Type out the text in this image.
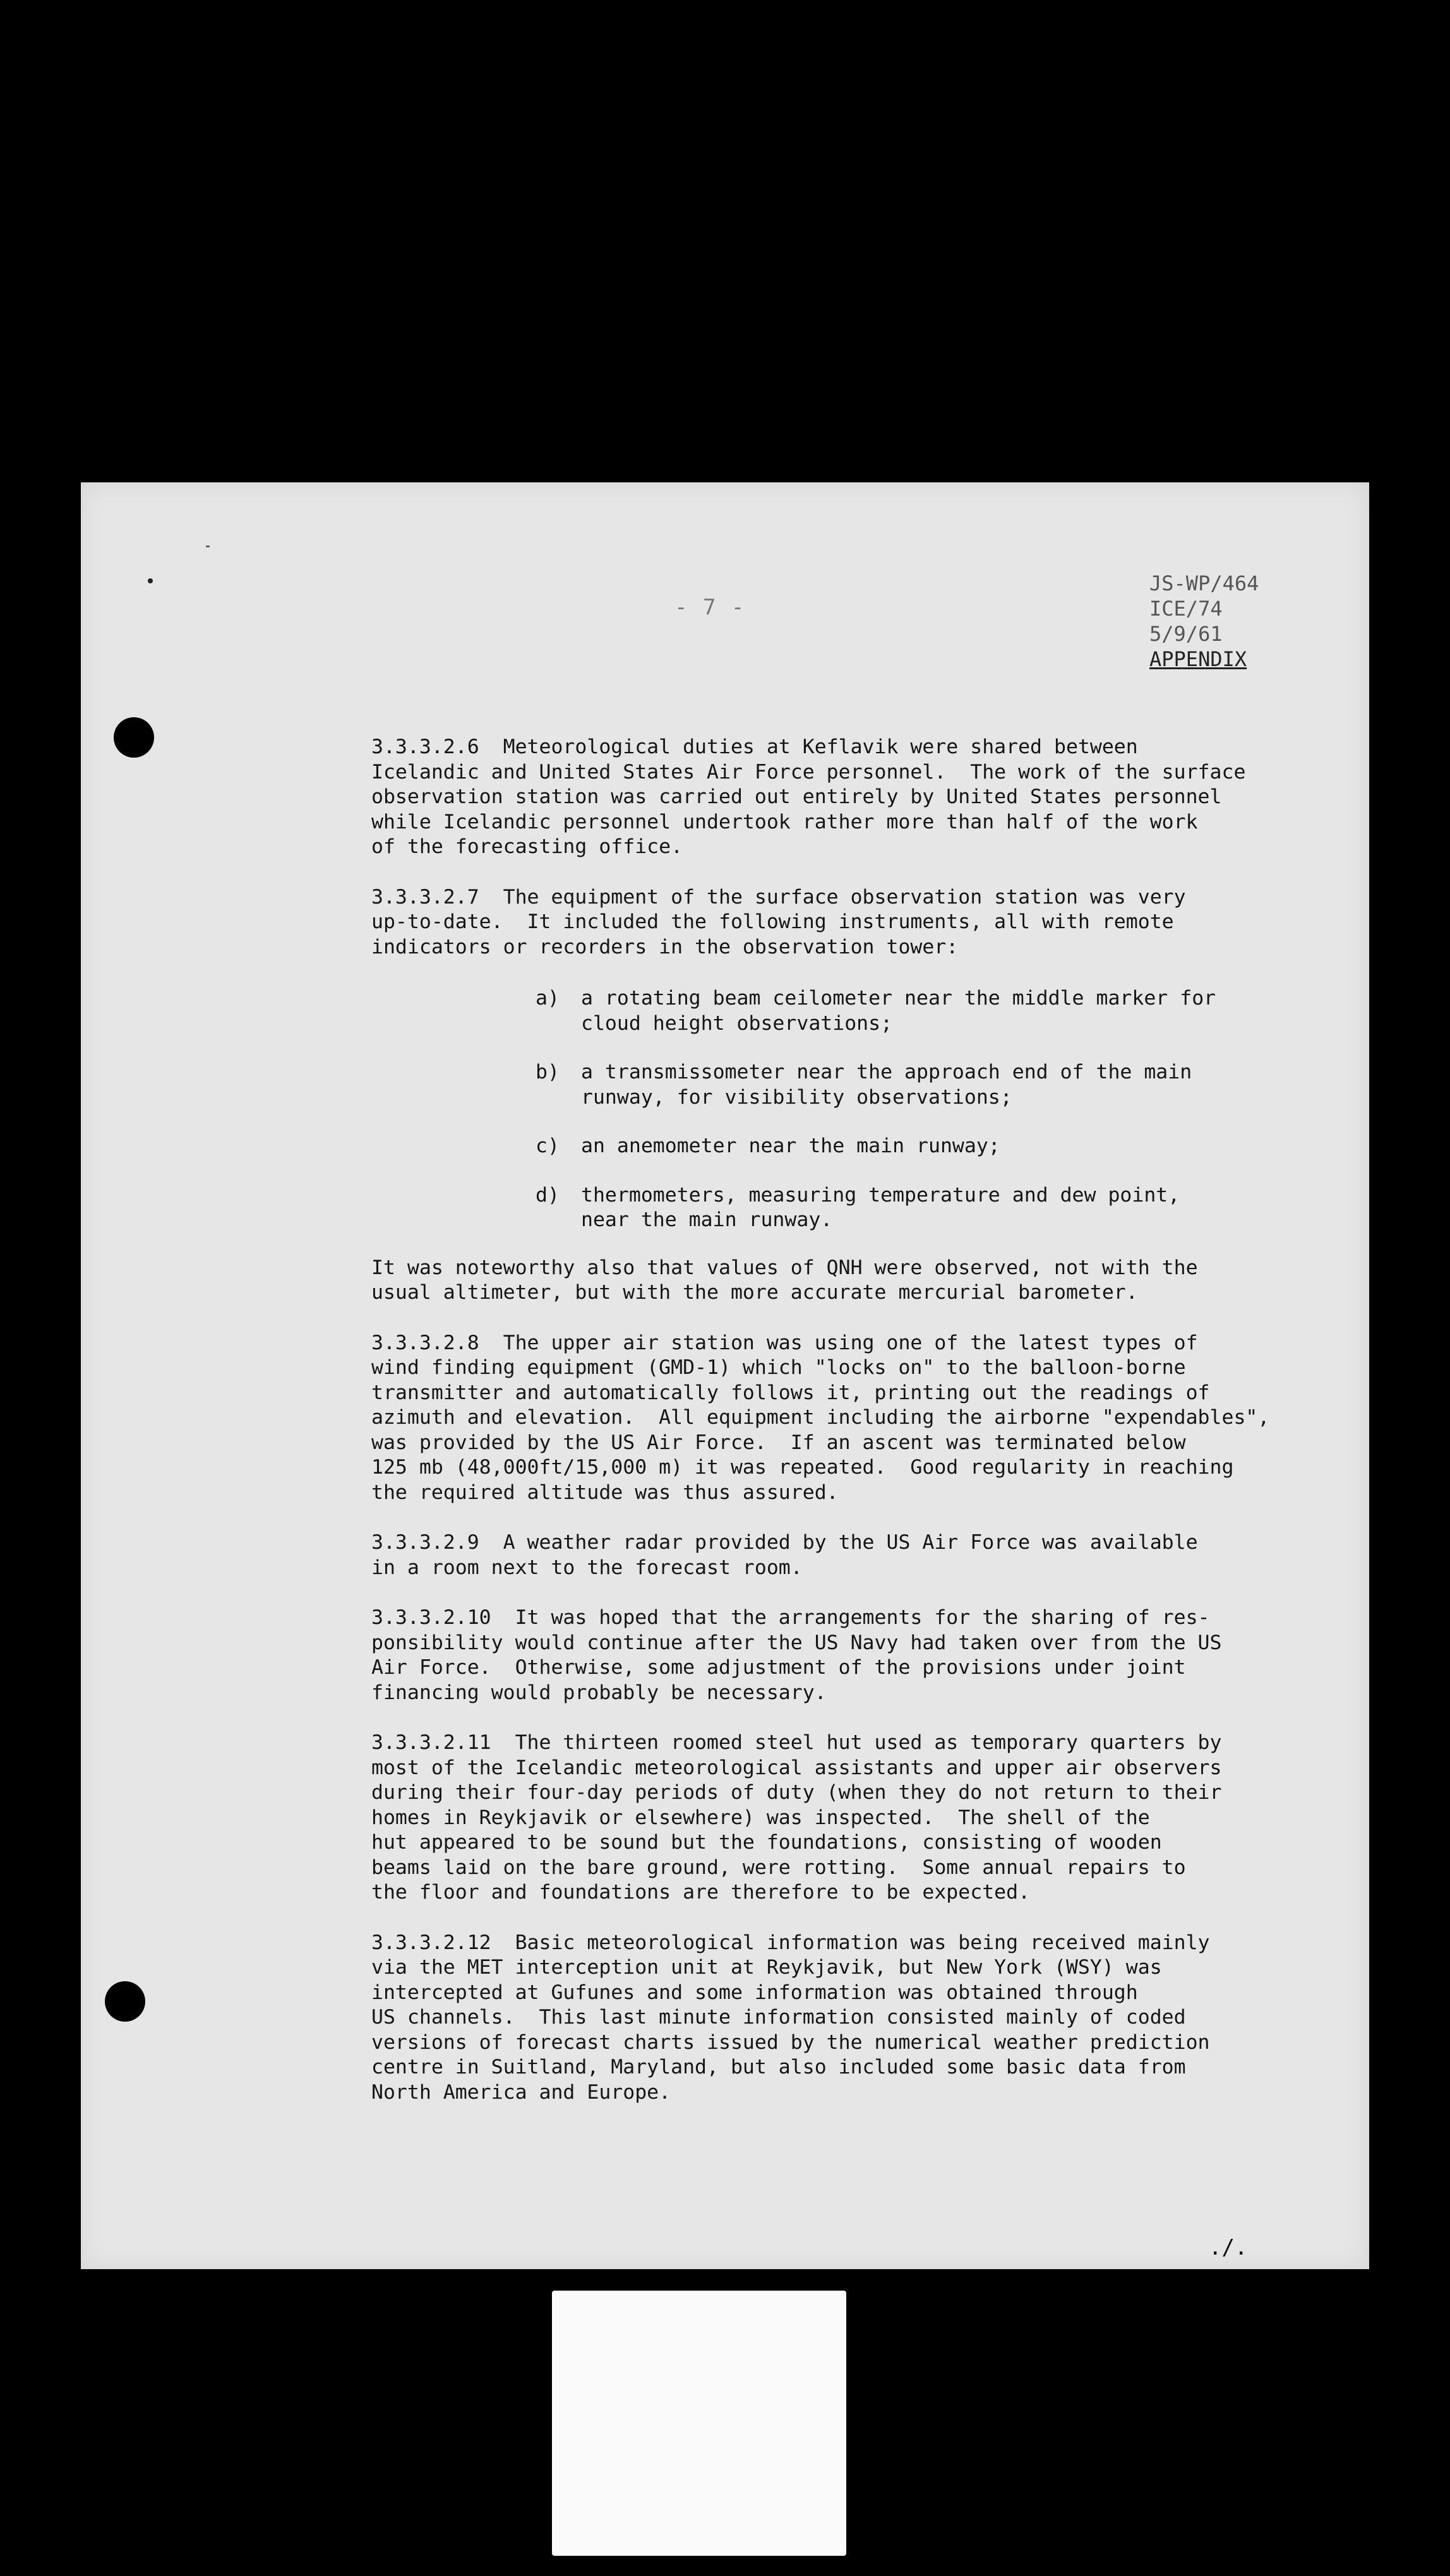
- 7 -
JS-WP/464
ICE/74
5/9/61
APPENDIX

3.3.3.2.6  Meteorological duties at Keflavik were shared between
Icelandic and United States Air Force personnel.  The work of the surface
observation station was carried out entirely by United States personnel
while Icelandic personnel undertook rather more than half of the work
of the forecasting office.

3.3.3.2.7  The equipment of the surface observation station was very
up-to-date.  It included the following instruments, all with remote
indicators or recorders in the observation tower:

a)	a rotating beam ceilometer near the middle marker for
cloud height observations;
b)	a transmissometer near the approach end of the main
runway, for visibility observations;
c)	an anemometer near the main runway;
d)	thermometers, measuring temperature and dew point,
near the main runway.

It was noteworthy also that values of QNH were observed, not with the
usual altimeter, but with the more accurate mercurial barometer.

3.3.3.2.8  The upper air station was using one of the latest types of
wind finding equipment (GMD-1) which "locks on" to the balloon-borne
transmitter and automatically follows it, printing out the readings of
azimuth and elevation.  All equipment including the airborne "expendables",
was provided by the US Air Force.  If an ascent was terminated below
125 mb (48,000ft/15,000 m) it was repeated.  Good regularity in reaching
the required altitude was thus assured.

3.3.3.2.9  A weather radar provided by the US Air Force was available
in a room next to the forecast room.

3.3.3.2.10  It was hoped that the arrangements for the sharing of res-
ponsibility would continue after the US Navy had taken over from the US
Air Force.  Otherwise, some adjustment of the provisions under joint
financing would probably be necessary.

3.3.3.2.11  The thirteen roomed steel hut used as temporary quarters by
most of the Icelandic meteorological assistants and upper air observers
during their four-day periods of duty (when they do not return to their
homes in Reykjavik or elsewhere) was inspected.  The shell of the
hut appeared to be sound but the foundations, consisting of wooden
beams laid on the bare ground, were rotting.  Some annual repairs to
the floor and foundations are therefore to be expected.

3.3.3.2.12  Basic meteorological information was being received mainly
via the MET interception unit at Reykjavik, but New York (WSY) was
intercepted at Gufunes and some information was obtained through
US channels.  This last minute information consisted mainly of coded
versions of forecast charts issued by the numerical weather prediction
centre in Suitland, Maryland, but also included some basic data from
North America and Europe.

./.
